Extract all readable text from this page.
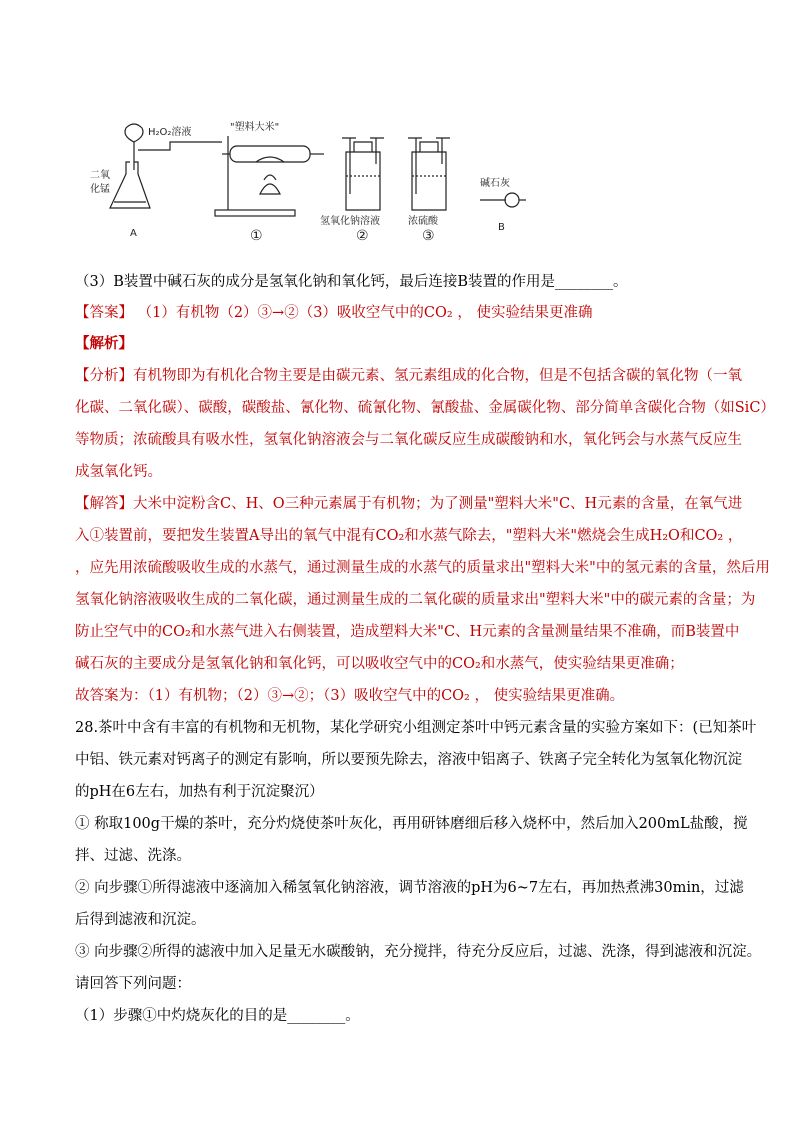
H₂O₂溶液
二氧
化锰
A
"塑料大米"
氢氧化钠溶液	浓硫酸
碱石灰
B
①	②	③
（3）B装置中碱石灰的成分是氢氧化钠和氧化钙，最后连接B装置的作用是________。
【答案】 （1）有机物（2）③→②（3）吸收空气中的CO₂ ， 使实验结果更准确
【解析】
【分析】有机物即为有机化合物主要是由碳元素、氢元素组成的化合物，但是不包括含碳的氧化物（一氧
化碳、二氧化碳）、碳酸，碳酸盐、氰化物、硫氰化物、氰酸盐、金属碳化物、部分简单含碳化合物（如SiC）
等物质；浓硫酸具有吸水性，氢氧化钠溶液会与二氧化碳反应生成碳酸钠和水，氧化钙会与水蒸气反应生
成氢氧化钙。
【解答】大米中淀粉含C、H、O三种元素属于有机物；为了测量"塑料大米"C、H元素的含量，在氧气进
入①装置前，要把发生装置A导出的氧气中混有CO₂和水蒸气除去，"塑料大米"燃烧会生成H₂O和CO₂ ，
，应先用浓硫酸吸收生成的水蒸气，通过测量生成的水蒸气的质量求出"塑料大米"中的氢元素的含量，然后用
氢氧化钠溶液吸收生成的二氧化碳，通过测量生成的二氧化碳的质量求出"塑料大米"中的碳元素的含量；为
防止空气中的CO₂和水蒸气进入右侧装置，造成塑料大米"C、H元素的含量测量结果不准确，而B装置中
碱石灰的主要成分是氢氧化钠和氧化钙，可以吸收空气中的CO₂和水蒸气，使实验结果更准确；
故答案为：（1）有机物；（2）③→②；（3）吸收空气中的CO₂ ， 使实验结果更准确。
28.茶叶中含有丰富的有机物和无机物，某化学研究小组测定茶叶中钙元素含量的实验方案如下：(已知茶叶
中铝、铁元素对钙离子的测定有影响，所以要预先除去，溶液中铝离子、铁离子完全转化为氢氧化物沉淀
的pH在6左右，加热有利于沉淀聚沉）
① 称取100g干燥的茶叶，充分灼烧使茶叶灰化，再用研钵磨细后移入烧杯中，然后加入200mL盐酸，搅
拌、过滤、洗涤。
② 向步骤①所得滤液中逐滴加入稀氢氧化钠溶液，调节溶液的pH为6~7左右，再加热煮沸30min，过滤
后得到滤液和沉淀。
③ 向步骤②所得的滤液中加入足量无水碳酸钠，充分搅拌，待充分反应后，过滤、洗涤，得到滤液和沉淀。
请回答下列问题：
（1）步骤①中灼烧灰化的目的是________。
